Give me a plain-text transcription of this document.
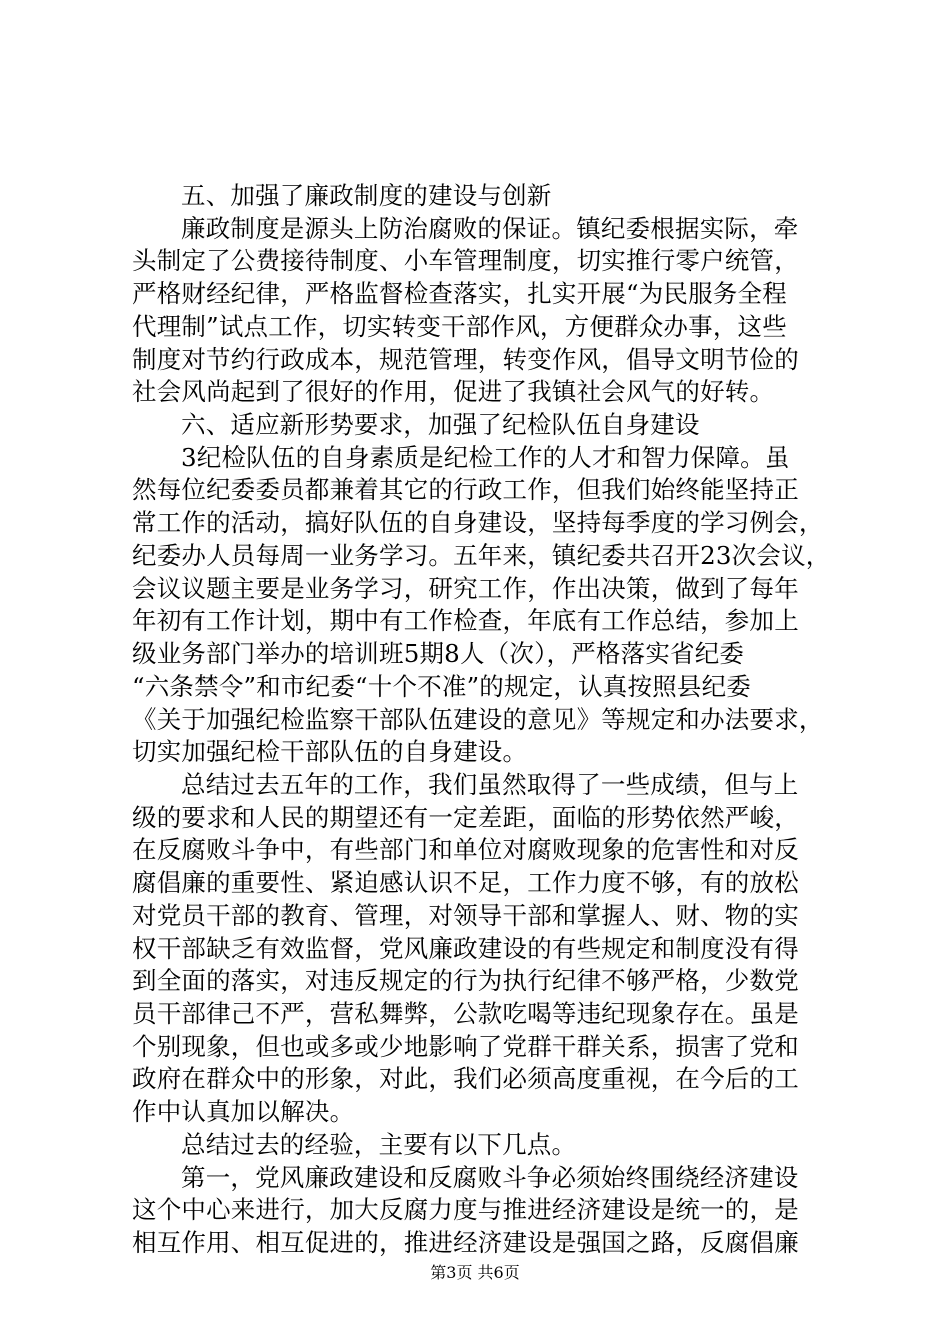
五、加强了廉政制度的建设与创新
廉政制度是源头上防治腐败的保证。镇纪委根据实际，牵
头制定了公费接待制度、小车管理制度，切实推行零户统管，
严格财经纪律，严格监督检查落实，扎实开展“为民服务全程
代理制”试点工作，切实转变干部作风，方便群众办事，这些
制度对节约行政成本，规范管理，转变作风，倡导文明节俭的
社会风尚起到了很好的作用，促进了我镇社会风气的好转。
六、适应新形势要求，加强了纪检队伍自身建设
3纪检队伍的自身素质是纪检工作的人才和智力保障。虽
然每位纪委委员都兼着其它的行政工作，但我们始终能坚持正
常工作的活动，搞好队伍的自身建设，坚持每季度的学习例会，
纪委办人员每周一业务学习。五年来，镇纪委共召开23次会议，
会议议题主要是业务学习，研究工作，作出决策，做到了每年
年初有工作计划，期中有工作检查，年底有工作总结，参加上
级业务部门举办的培训班5期8人（次），严格落实省纪委
“六条禁令”和市纪委“十个不准”的规定，认真按照县纪委
《关于加强纪检监察干部队伍建设的意见》等规定和办法要求，
切实加强纪检干部队伍的自身建设。
总结过去五年的工作，我们虽然取得了一些成绩，但与上
级的要求和人民的期望还有一定差距，面临的形势依然严峻，
在反腐败斗争中，有些部门和单位对腐败现象的危害性和对反
腐倡廉的重要性、紧迫感认识不足，工作力度不够，有的放松
对党员干部的教育、管理，对领导干部和掌握人、财、物的实
权干部缺乏有效监督，党风廉政建设的有些规定和制度没有得
到全面的落实，对违反规定的行为执行纪律不够严格，少数党
员干部律己不严，营私舞弊，公款吃喝等违纪现象存在。虽是
个别现象，但也或多或少地影响了党群干群关系，损害了党和
政府在群众中的形象，对此，我们必须高度重视，在今后的工
作中认真加以解决。
总结过去的经验，主要有以下几点。
第一，党风廉政建设和反腐败斗争必须始终围绕经济建设
这个中心来进行，加大反腐力度与推进经济建设是统一的，是
第3页 共6页
相互作用、相互促进的，推进经济建设是强国之路，反腐倡廉
